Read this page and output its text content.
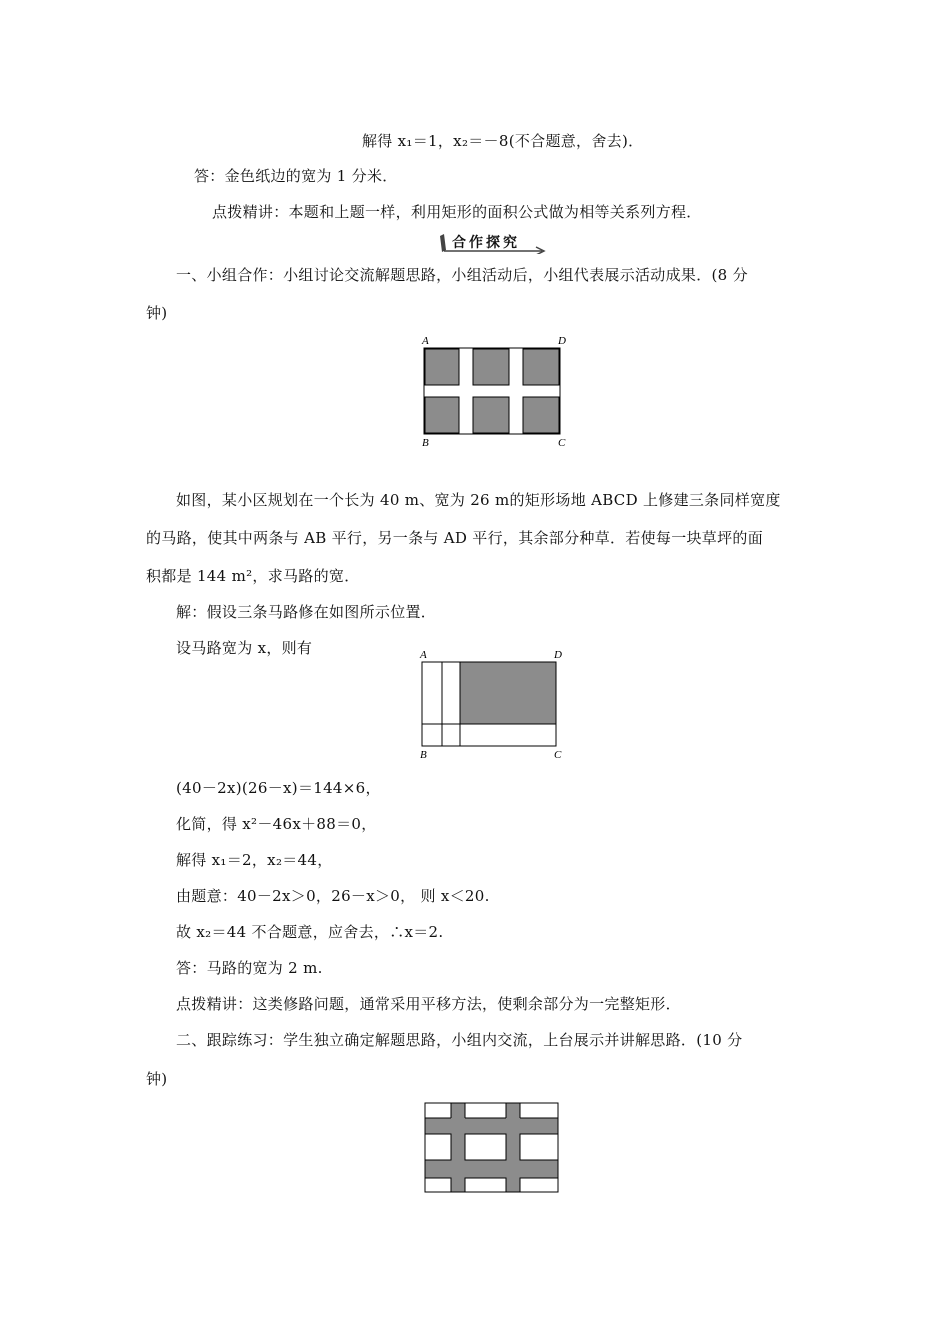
解得 x₁＝1，x₂＝－8(不合题意，舍去)．
答：金色纸边的宽为 1 分米．
点拨精讲：本题和上题一样，利用矩形的面积公式做为相等关系列方程．
合作探究
一、小组合作：小组讨论交流解题思路，小组活动后，小组代表展示活动成果．(8 分
钟)
A	D
B	C
如图，某小区规划在一个长为 40 m、宽为 26 m的矩形场地 ABCD 上修建三条同样宽度
的马路，使其中两条与 AB 平行，另一条与 AD 平行，其余部分种草．若使每一块草坪的面
积都是 144 m²，求马路的宽．
解：假设三条马路修在如图所示位置．
设马路宽为 x，则有	A	D
B	C
(40－2x)(26－x)＝144×6，
化简，得 x²－46x＋88＝0，
解得 x₁＝2，x₂＝44，
由题意：40－2x＞0，26－x＞0， 则 x＜20.
故 x₂＝44 不合题意，应舍去，∴x＝2.
答：马路的宽为 2 m.
点拨精讲：这类修路问题，通常采用平移方法，使剩余部分为一完整矩形．
二、跟踪练习：学生独立确定解题思路，小组内交流，上台展示并讲解思路．(10 分
钟)
